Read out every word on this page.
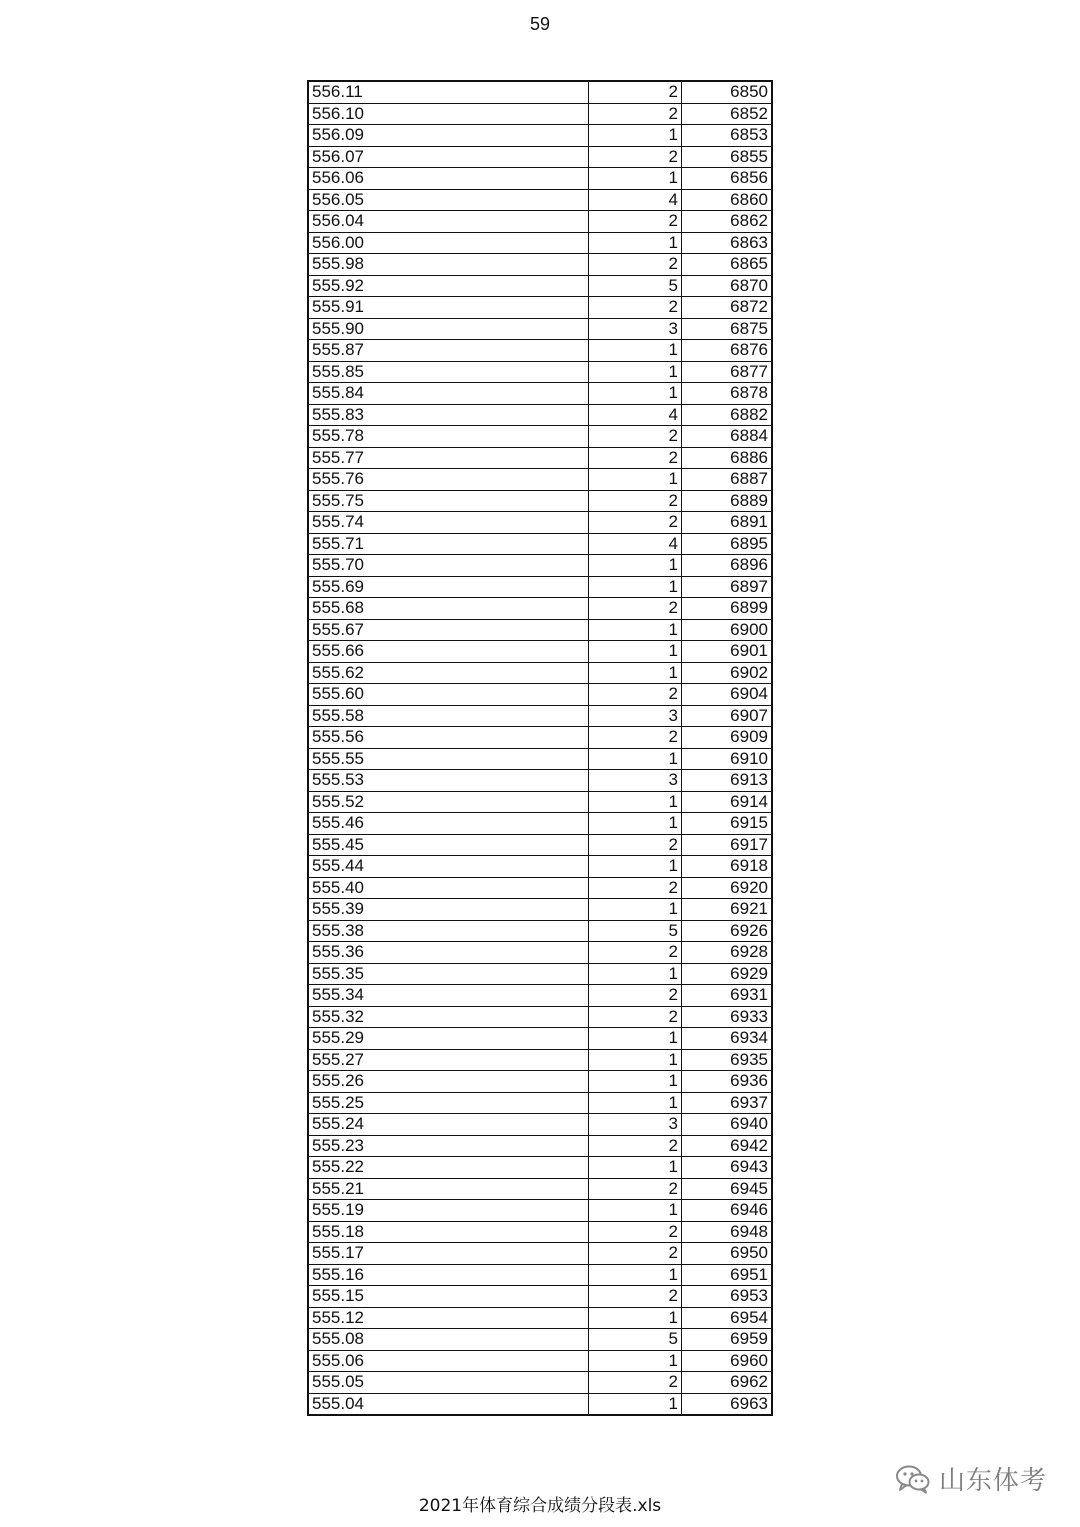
59
556.11	2	6850
556.10	2	6852
556.09	1	6853
556.07	2	6855
556.06	1	6856
556.05	4	6860
556.04	2	6862
556.00	1	6863
555.98	2	6865
555.92	5	6870
555.91	2	6872
555.90	3	6875
555.87	1	6876
555.85	1	6877
555.84	1	6878
555.83	4	6882
555.78	2	6884
555.77	2	6886
555.76	1	6887
555.75	2	6889
555.74	2	6891
555.71	4	6895
555.70	1	6896
555.69	1	6897
555.68	2	6899
555.67	1	6900
555.66	1	6901
555.62	1	6902
555.60	2	6904
555.58	3	6907
555.56	2	6909
555.55	1	6910
555.53	3	6913
555.52	1	6914
555.46	1	6915
555.45	2	6917
555.44	1	6918
555.40	2	6920
555.39	1	6921
555.38	5	6926
555.36	2	6928
555.35	1	6929
555.34	2	6931
555.32	2	6933
555.29	1	6934
555.27	1	6935
555.26	1	6936
555.25	1	6937
555.24	3	6940
555.23	2	6942
555.22	1	6943
555.21	2	6945
555.19	1	6946
555.18	2	6948
555.17	2	6950
555.16	1	6951
555.15	2	6953
555.12	1	6954
555.08	5	6959
555.06	1	6960
555.05	2	6962
555.04	1	6963
2021年体育综合成绩分段表.xls
山东体考
